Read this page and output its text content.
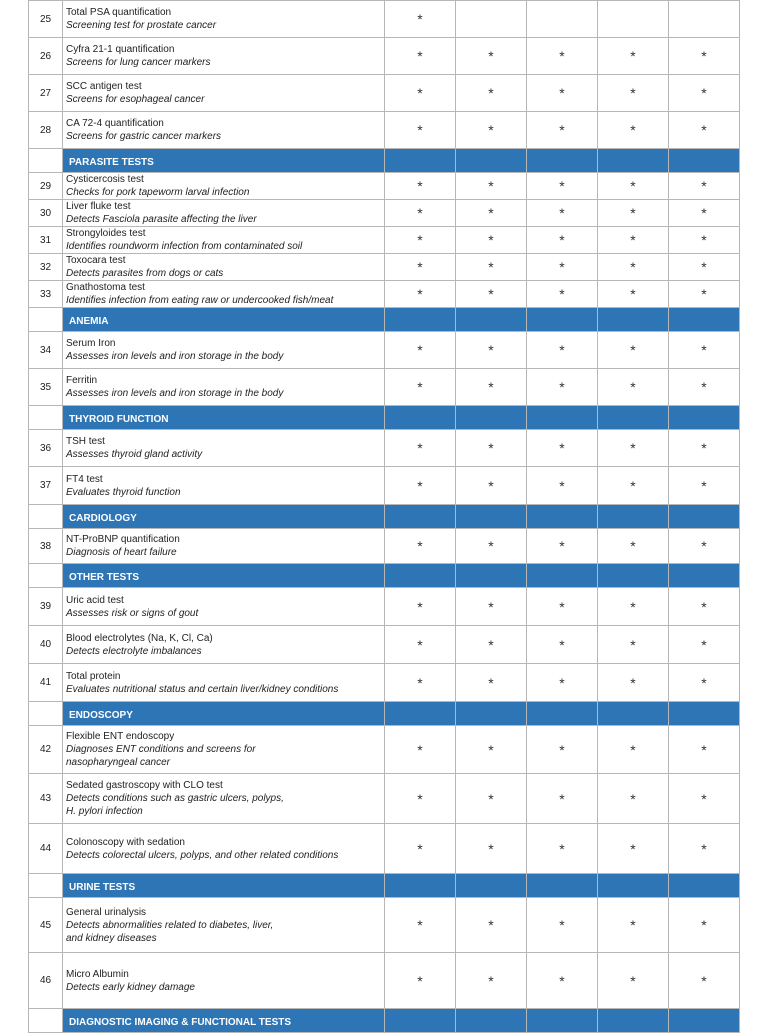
25	Total PSA quantification
Screening test for prostate cancer	*				
26	Cyfra 21-1 quantification
Screens for lung cancer markers	*	*	*	*	*
27	SCC antigen test
Screens for esophageal cancer	*	*	*	*	*
28	CA 72-4 quantification
Screens for gastric cancer markers	*	*	*	*	*
	PARASITE TESTS					
29	Cysticercosis test
Checks for pork tapeworm larval infection	*	*	*	*	*
30	Liver fluke test
Detects Fasciola parasite affecting the liver	*	*	*	*	*
31	Strongyloides test
Identifies roundworm infection from contaminated soil	*	*	*	*	*
32	Toxocara test
Detects parasites from dogs or cats	*	*	*	*	*
33	Gnathostoma test
Identifies infection from eating raw or undercooked fish/meat	*	*	*	*	*
	ANEMIA					
34	Serum Iron
Assesses iron levels and iron storage in the body	*	*	*	*	*
35	Ferritin
Assesses iron levels and iron storage in the body	*	*	*	*	*
	THYROID FUNCTION					
36	TSH test
Assesses thyroid gland activity	*	*	*	*	*
37	FT4 test
Evaluates thyroid function	*	*	*	*	*
	CARDIOLOGY					
38	NT-ProBNP quantification
Diagnosis of heart failure	*	*	*	*	*
	OTHER TESTS					
39	Uric acid test
Assesses risk or signs of gout	*	*	*	*	*
40	Blood electrolytes (Na, K, Cl, Ca)
Detects electrolyte imbalances	*	*	*	*	*
41	Total protein
Evaluates nutritional status and certain liver/kidney conditions	*	*	*	*	*
	ENDOSCOPY					
42	Flexible ENT endoscopy
Diagnoses ENT conditions and screens for
nasopharyngeal cancer	*	*	*	*	*
43	Sedated gastroscopy with CLO test
Detects conditions such as gastric ulcers, polyps,
H. pylori infection	*	*	*	*	*
44	Colonoscopy with sedation
Detects colorectal ulcers, polyps, and other related conditions	*	*	*	*	*
	URINE TESTS					
45	General urinalysis
Detects abnormalities related to diabetes, liver,
and kidney diseases	*	*	*	*	*
46	Micro Albumin
Detects early kidney damage	*	*	*	*	*
	DIAGNOSTIC IMAGING & FUNCTIONAL TESTS					
